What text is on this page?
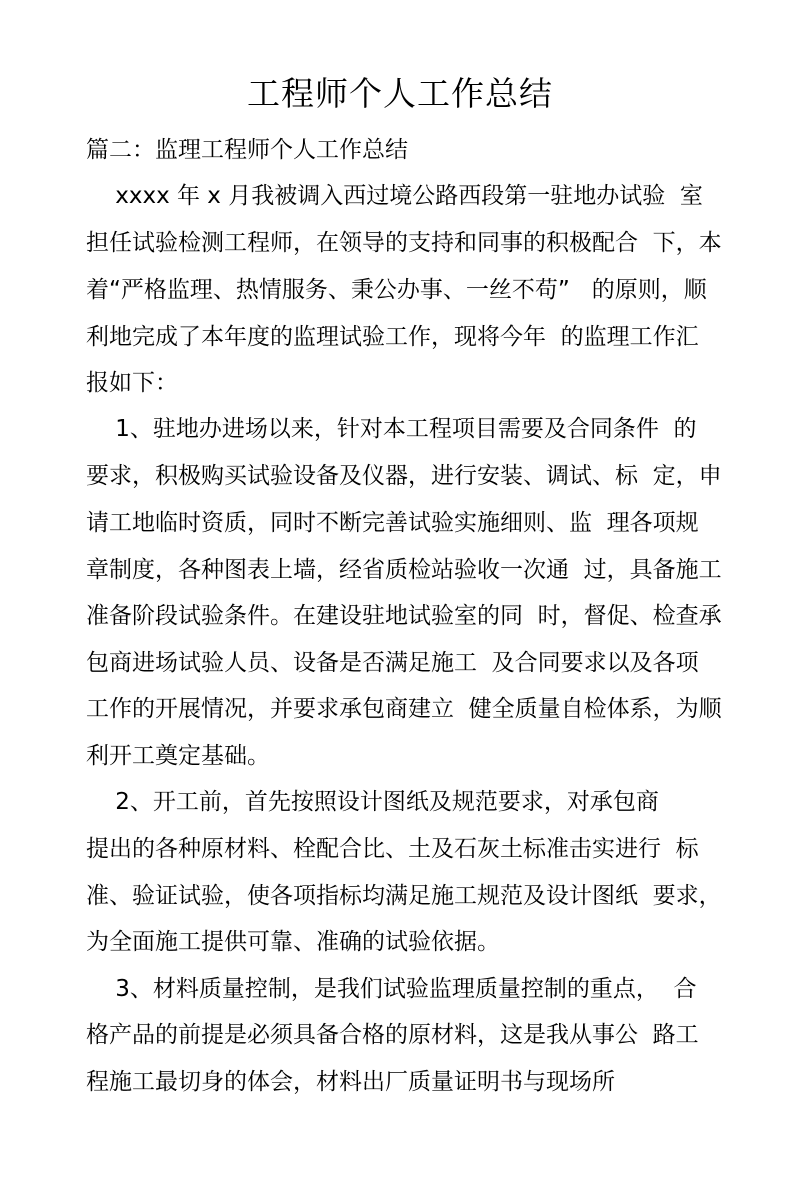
工程师个人工作总结
篇二：监理工程师个人工作总结
xxxx 年 x 月我被调入西过境公路西段第一驻地办试验  室
担任试验检测工程师，在领导的支持和同事的积极配合  下，本
着“严格监理、热情服务、秉公办事、一丝不苟”   的原则，顺
利地完成了本年度的监理试验工作，现将今年  的监理工作汇
报如下：
1、驻地办进场以来，针对本工程项目需要及合同条件  的
要求，积极购买试验设备及仪器，进行安装、调试、标  定，申
请工地临时资质，同时不断完善试验实施细则、监  理各项规
章制度，各种图表上墙，经省质检站验收一次通  过，具备施工
准备阶段试验条件。在建设驻地试验室的同  时，督促、检查承
包商进场试验人员、设备是否满足施工  及合同要求以及各项
工作的开展情况，并要求承包商建立  健全质量自检体系，为顺
利开工奠定基础。
2、开工前，首先按照设计图纸及规范要求，对承包商
提出的各种原材料、栓配合比、土及石灰土标准击实进行  标
准、验证试验，使各项指标均满足施工规范及设计图纸  要求，
为全面施工提供可靠、准确的试验依据。
3、材料质量控制，是我们试验监理质量控制的重点，  合
格产品的前提是必须具备合格的原材料，这是我从事公  路工
程施工最切身的体会，材料出厂质量证明书与现场所
